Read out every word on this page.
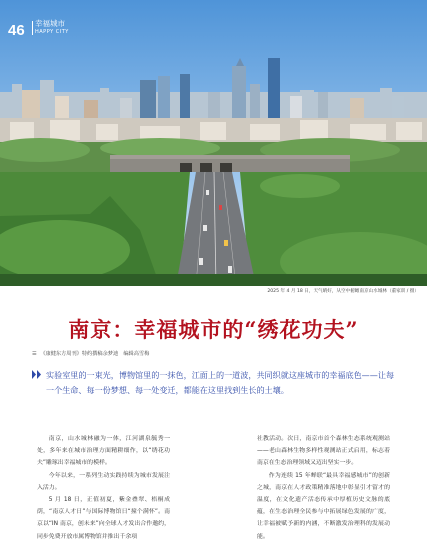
46 幸福城市
HAPPY CITY
2025 年 4 月 18 日，天气晴好，从空中俯瞰南京山水城林（董家训 / 摄）
南京：幸福城市的“绣花功夫”
☰ 《康健东方周刊》特约撰稿余梦迪　编辑高雪梅
实验室里的一束光，博物馆里的一抹色，江面上的一道波，共同织就这座城市的幸福底色——让每一个生命、每一份梦想、每一处变迁，都能在这里找到生长的土壤。

南京，山水城林融为一体，江河湖泉毓秀一处，多年来在城市治理方面精耕细作，以“绣花功夫”雕琢出幸福城市的模样。

今年以来，一系列生动实践持续为城市发展注入活力。

5 月 18 日，正值初夏，紫金叠翠、梧桐成荫，“南京人才日”与国际博物馆日“撞个满怀”。南京以“IN 南京，创未来”向全球人才发出合作邀约，同步免费开放市属博物馆并推出千余项

社教活动。次日，南京市首个森林生态系统观测站——老山森林生物多样性观测站正式启用，标志着南京在生态治理领域又迈出坚实一步。

作为连续 15 年蝉联“最具幸福感城市”的创新之城，南京在人才政策精准落地中彰显引才留才的温度，在文化遗产活态传承中厚植历史文脉的底蕴，在生态治理全民参与中拓展绿色发展的广度，让幸福被赋予新的内涵，不断激发治理科的发展动能。
